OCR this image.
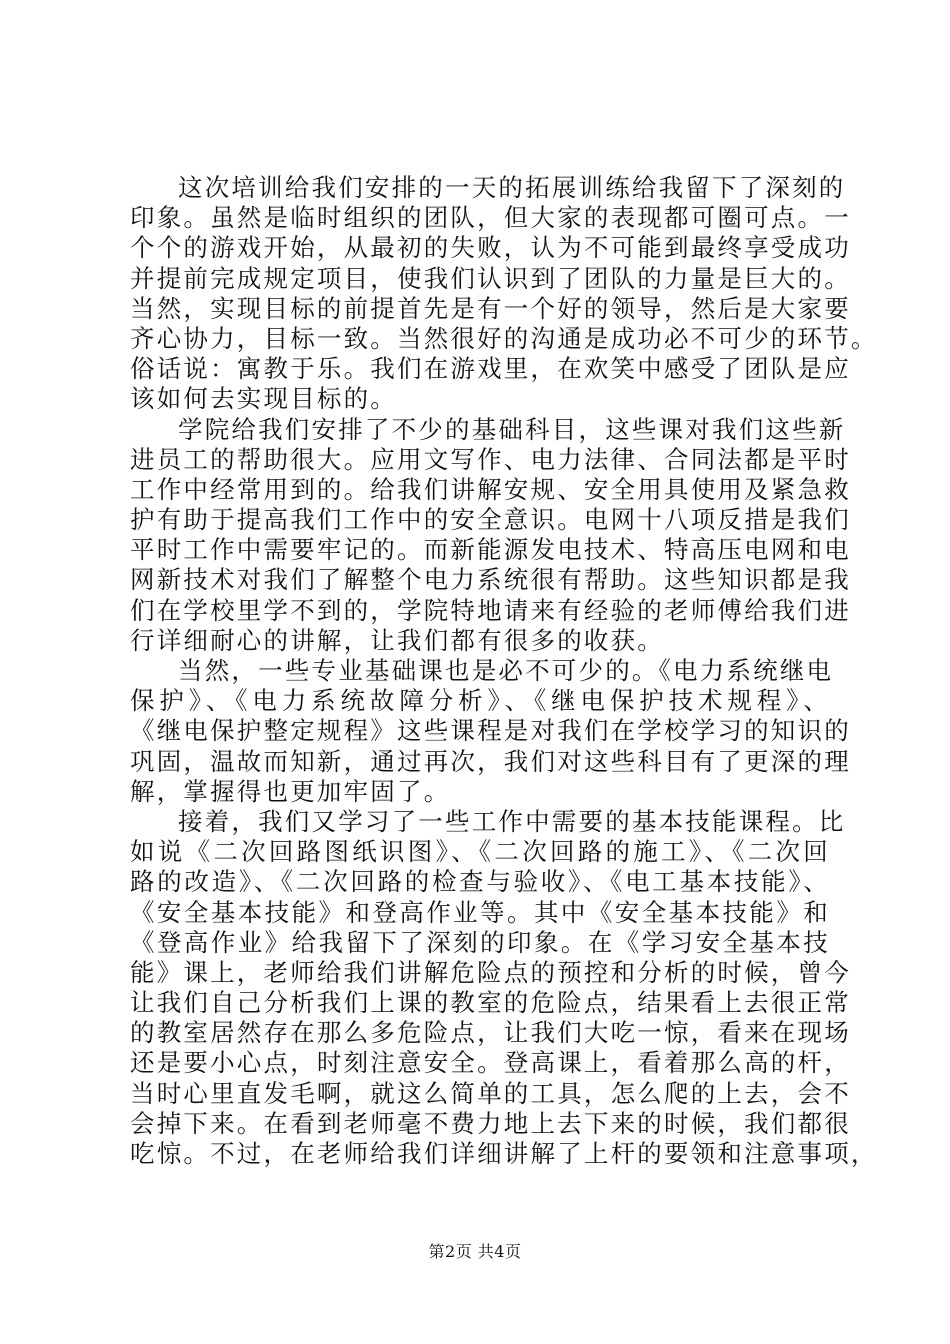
这次培训给我们安排的一天的拓展训练给我留下了深刻的
印象。虽然是临时组织的团队，但大家的表现都可圈可点。一
个个的游戏开始，从最初的失败，认为不可能到最终享受成功
并提前完成规定项目，使我们认识到了团队的力量是巨大的。
当然，实现目标的前提首先是有一个好的领导，然后是大家要
齐心协力，目标一致。当然很好的沟通是成功必不可少的环节。
俗话说：寓教于乐。我们在游戏里，在欢笑中感受了团队是应
该如何去实现目标的。
学院给我们安排了不少的基础科目，这些课对我们这些新
进员工的帮助很大。应用文写作、电力法律、合同法都是平时
工作中经常用到的。给我们讲解安规、安全用具使用及紧急救
护有助于提高我们工作中的安全意识。电网十八项反措是我们
平时工作中需要牢记的。而新能源发电技术、特高压电网和电
网新技术对我们了解整个电力系统很有帮助。这些知识都是我
们在学校里学不到的，学院特地请来有经验的老师傅给我们进
行详细耐心的讲解，让我们都有很多的收获。
当然，一些专业基础课也是必不可少的。《电力系统继电
保护》、《电力系统故障分析》、《继电保护技术规程》、
《继电保护整定规程》这些课程是对我们在学校学习的知识的
巩固，温故而知新，通过再次，我们对这些科目有了更深的理
解，掌握得也更加牢固了。
接着，我们又学习了一些工作中需要的基本技能课程。比
如说《二次回路图纸识图》、《二次回路的施工》、《二次回
路的改造》、《二次回路的检查与验收》、《电工基本技能》、
《安全基本技能》和登高作业等。其中《安全基本技能》和
《登高作业》给我留下了深刻的印象。在《学习安全基本技
能》课上，老师给我们讲解危险点的预控和分析的时候，曾今
让我们自己分析我们上课的教室的危险点，结果看上去很正常
的教室居然存在那么多危险点，让我们大吃一惊，看来在现场
还是要小心点，时刻注意安全。登高课上，看着那么高的杆，
当时心里直发毛啊，就这么简单的工具，怎么爬的上去，会不
会掉下来。在看到老师毫不费力地上去下来的时候，我们都很
吃惊。不过，在老师给我们详细讲解了上杆的要领和注意事项，
第2页 共4页
